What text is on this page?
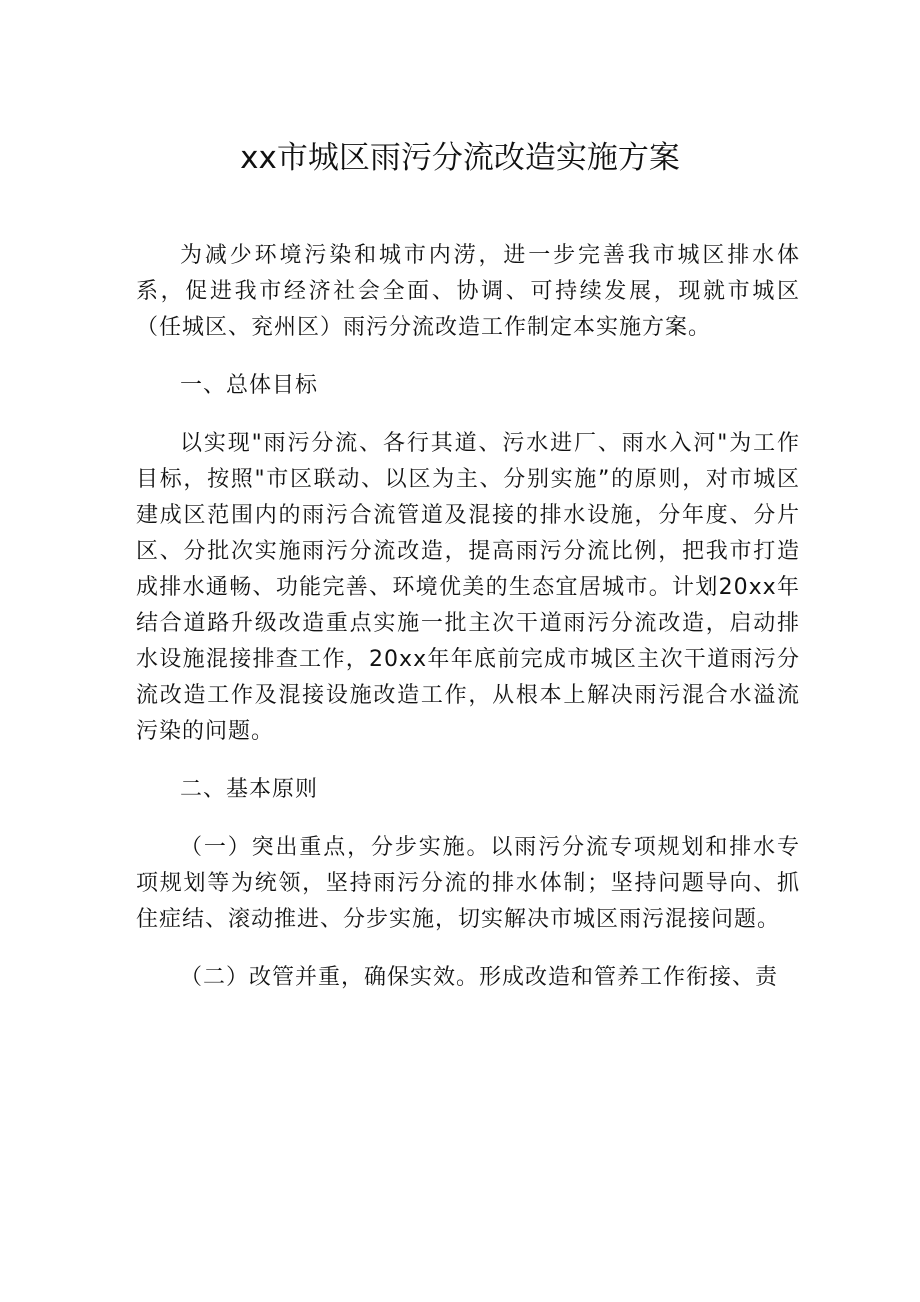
xx市城区雨污分流改造实施方案

为减少环境污染和城市内涝，进一步完善我市城区排水体系，促进我市经济社会全面、协调、可持续发展，现就市城区（任城区、兖州区）雨污分流改造工作制定本实施方案。

一、总体目标

以实现"雨污分流、各行其道、污水进厂、雨水入河"为工作目标，按照"市区联动、以区为主、分别实施”的原则，对市城区建成区范围内的雨污合流管道及混接的排水设施，分年度、分片区、分批次实施雨污分流改造，提高雨污分流比例，把我市打造成排水通畅、功能完善、环境优美的生态宜居城市。计划20xx年结合道路升级改造重点实施一批主次干道雨污分流改造，启动排水设施混接排查工作，20xx年年底前完成市城区主次干道雨污分流改造工作及混接设施改造工作，从根本上解决雨污混合水溢流污染的问题。

二、基本原则

（一）突出重点，分步实施。以雨污分流专项规划和排水专项规划等为统领，坚持雨污分流的排水体制；坚持问题导向、抓住症结、滚动推进、分步实施，切实解决市城区雨污混接问题。

（二）改管并重，确保实效。形成改造和管养工作衔接、责
